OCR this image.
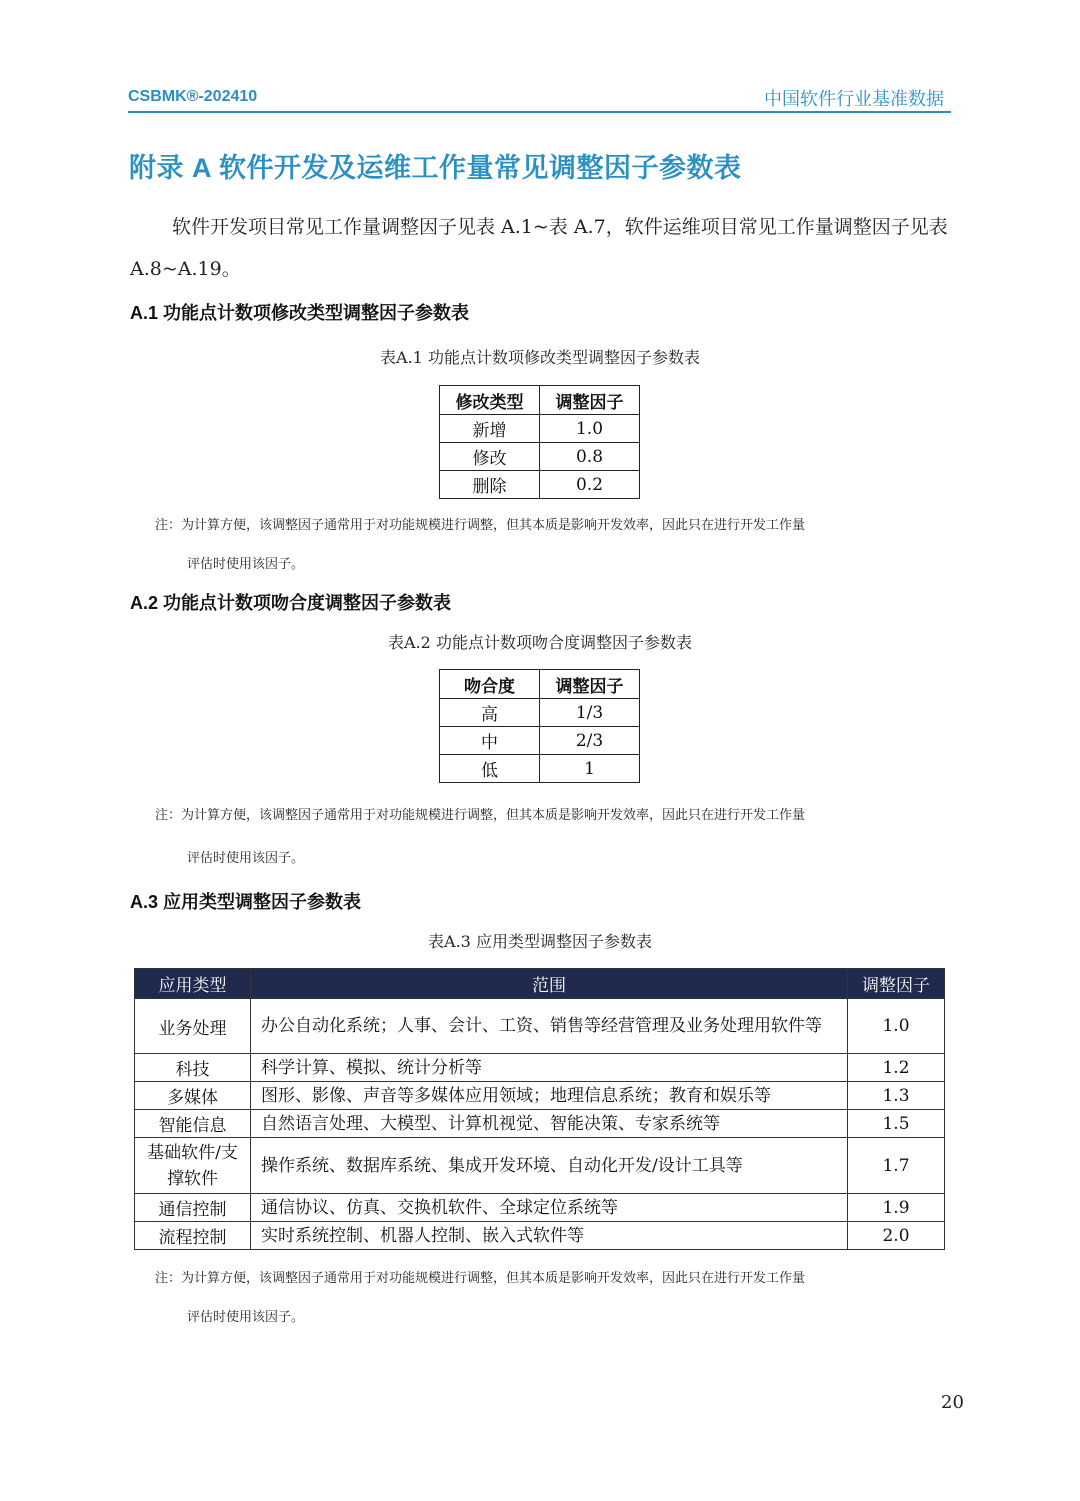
CSBMK®-202410	中国软件行业基准数据
附录 A 软件开发及运维工作量常见调整因子参数表
软件开发项目常见工作量调整因子见表 A.1~表 A.7，软件运维项目常见工作量调整因子见表 A.8~A.19。
A.1 功能点计数项修改类型调整因子参数表
表A.1 功能点计数项修改类型调整因子参数表
修改类型	调整因子
新增	1.0
修改	0.8
删除	0.2
注：为计算方便，该调整因子通常用于对功能规模进行调整，但其本质是影响开发效率，因此只在进行开发工作量
评估时使用该因子。
A.2 功能点计数项吻合度调整因子参数表
表A.2 功能点计数项吻合度调整因子参数表
吻合度	调整因子
高	1/3
中	2/3
低	1
注：为计算方便，该调整因子通常用于对功能规模进行调整，但其本质是影响开发效率，因此只在进行开发工作量
评估时使用该因子。
A.3 应用类型调整因子参数表
表A.3 应用类型调整因子参数表
应用类型	范围	调整因子
业务处理	办公自动化系统；人事、会计、工资、销售等经营管理及业务处理用软件等	1.0
科技	科学计算、模拟、统计分析等	1.2
多媒体	图形、影像、声音等多媒体应用领域；地理信息系统；教育和娱乐等	1.3
智能信息	自然语言处理、大模型、计算机视觉、智能决策、专家系统等	1.5
基础软件/支撑软件	操作系统、数据库系统、集成开发环境、自动化开发/设计工具等	1.7
通信控制	通信协议、仿真、交换机软件、全球定位系统等	1.9
流程控制	实时系统控制、机器人控制、嵌入式软件等	2.0
注：为计算方便，该调整因子通常用于对功能规模进行调整，但其本质是影响开发效率，因此只在进行开发工作量
评估时使用该因子。
20
